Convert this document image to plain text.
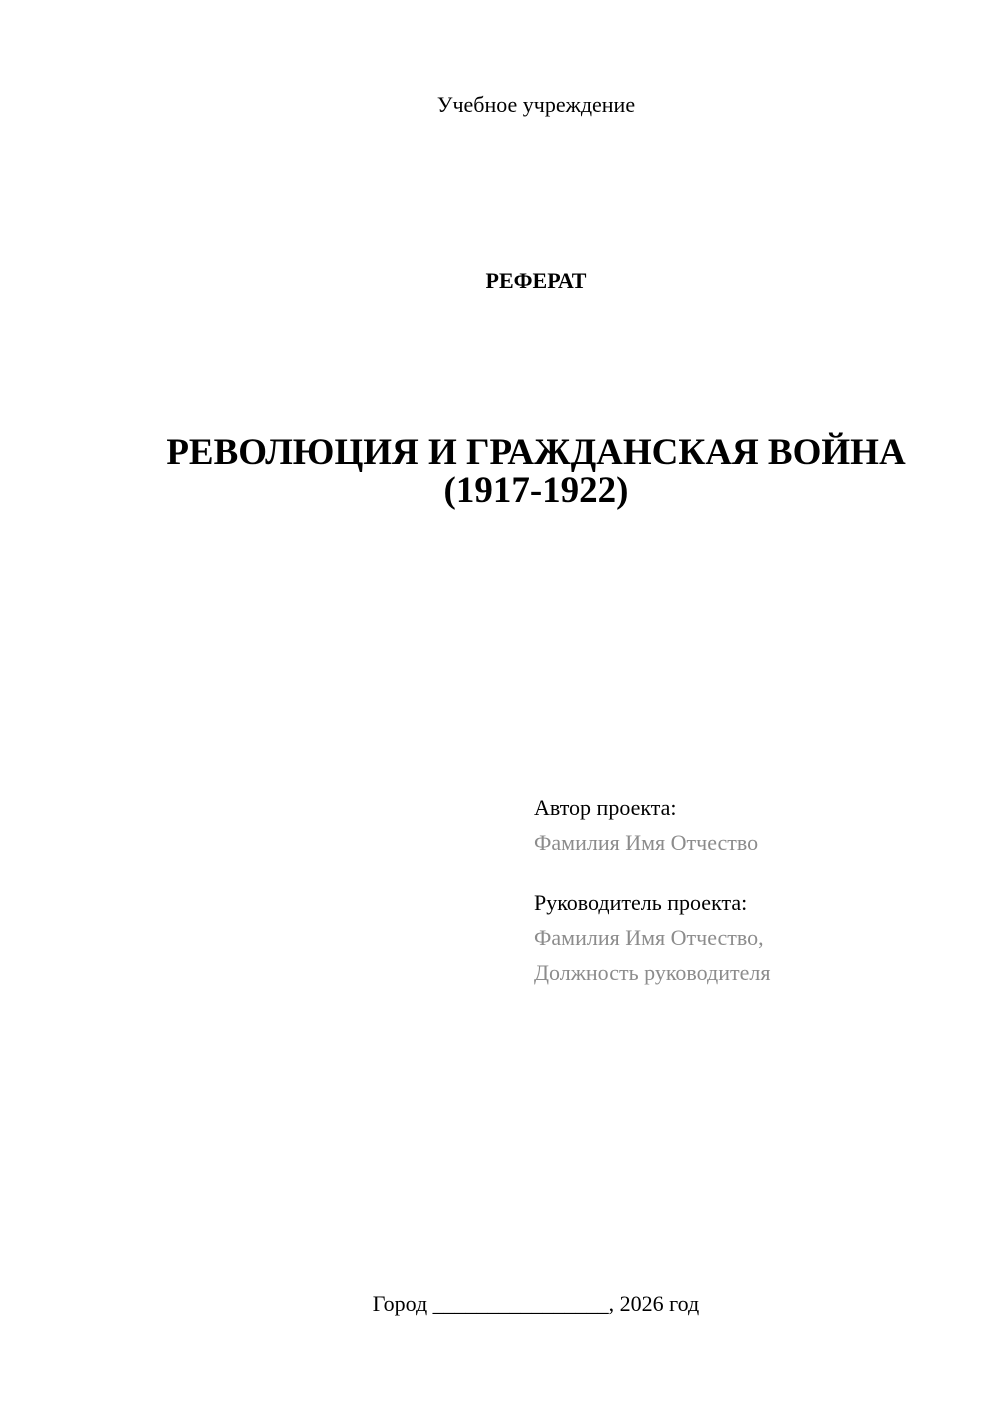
Учебное учреждение
РЕФЕРАТ
РЕВОЛЮЦИЯ И ГРАЖДАНСКАЯ ВОЙНА
(1917-1922)
Автор проекта:
Фамилия Имя Отчество
Руководитель проекта:
Фамилия Имя Отчество,
Должность руководителя
Город ________________, 2026 год
